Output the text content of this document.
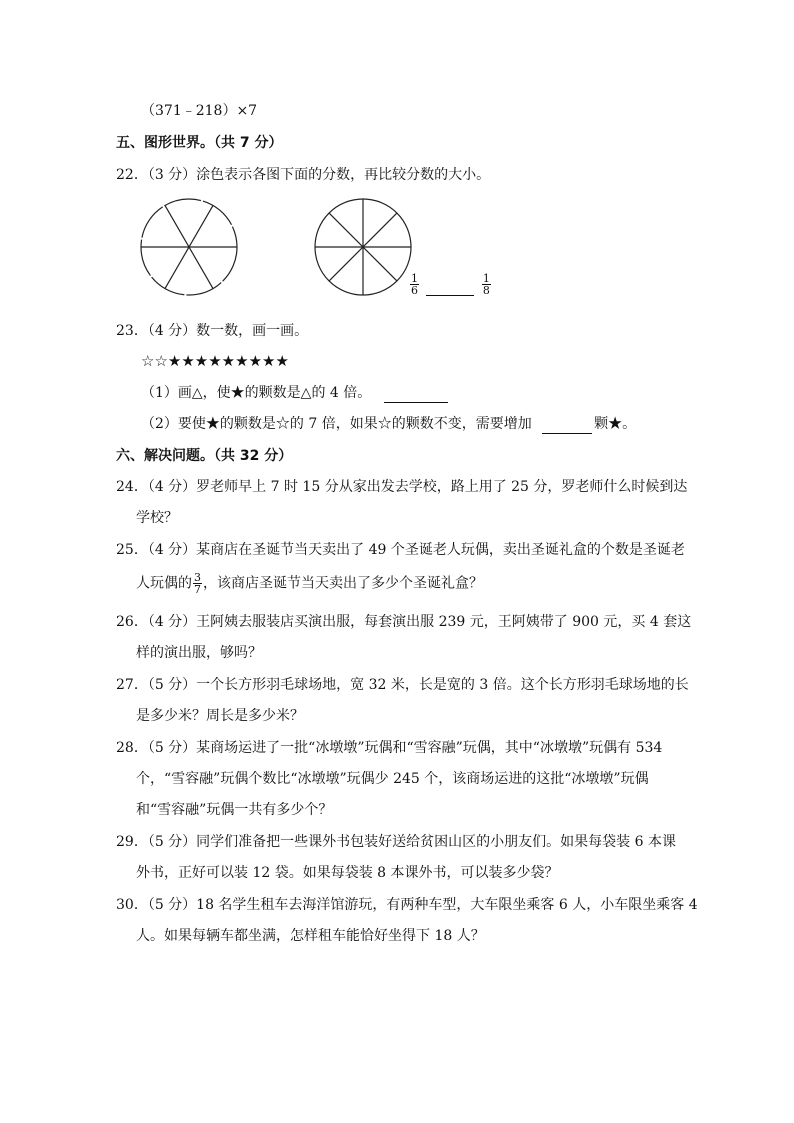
（371﹣218）×7
五、图形世界。（共 7 分）
22．（3 分）涂色表示各图下面的分数，再比较分数的大小。
$\frac{1}{6}$
	$\frac{1}{8}$
23．（4 分）数一数，画一画。
☆☆★★★★★★★★★
（1）画△，使★的颗数是△的 4 倍。
（2）要使★的颗数是☆的 7 倍，如果☆的颗数不变，需要增加	颗★。
六、解决问题。（共 32 分）
24．（4 分）罗老师早上 7 时 15 分从家出发去学校，路上用了 25 分，罗老师什么时候到达
学校？
25．（4 分）某商店在圣诞节当天卖出了 49 个圣诞老人玩偶，卖出圣诞礼盒的个数是圣诞老
人玩偶的 $\frac{3}{7}$ ，该商店圣诞节当天卖出了多少个圣诞礼盒？
26．（4 分）王阿姨去服装店买演出服，每套演出服 239 元，王阿姨带了 900 元，买 4 套这
样的演出服，够吗？
27．（5 分）一个长方形羽毛球场地，宽 32 米，长是宽的 3 倍。这个长方形羽毛球场地的长
是多少米？周长是多少米？
28．（5 分）某商场运进了一批“冰墩墩”玩偶和“雪容融”玩偶，其中“冰墩墩”玩偶有 534
个，“雪容融”玩偶个数比“冰墩墩”玩偶少 245 个，该商场运进的这批“冰墩墩”玩偶
和“雪容融”玩偶一共有多少个？
29．（5 分）同学们准备把一些课外书包装好送给贫困山区的小朋友们。如果每袋装 6 本课
外书，正好可以装 12 袋。如果每袋装 8 本课外书，可以装多少袋？
30．（5 分）18 名学生租车去海洋馆游玩，有两种车型，大车限坐乘客 6 人，小车限坐乘客 4
人。如果每辆车都坐满，怎样租车能恰好坐得下 18 人？
